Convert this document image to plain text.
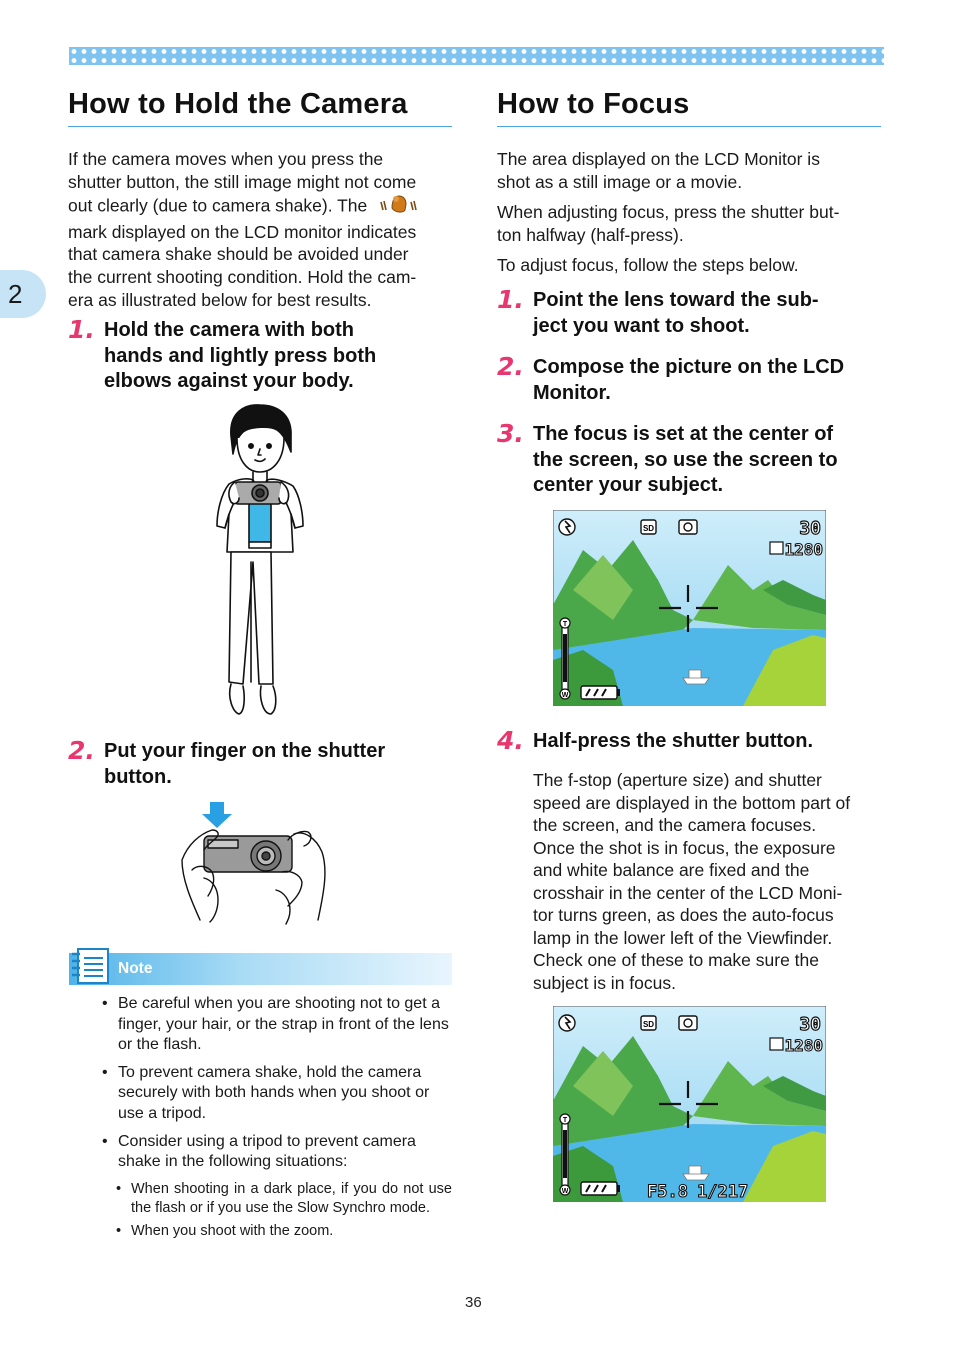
2
How to Hold the Camera

If the camera moves when you press the
shutter button, the still image might not come
out clearly (due to camera shake). The
mark displayed on the LCD monitor indicates
that camera shake should be avoided under
the current shooting condition. Hold the cam-
era as illustrated below for best results.

1. Hold the camera with both
hands and lightly press both
elbows against your body.

2. Put your finger on the shutter
button.

Note
• Be careful when you are shooting not to get a finger, your hair, or the strap in front of the lens or the flash.
• To prevent camera shake, hold the camera securely with both hands when you shoot or use a tripod.
• Consider using a tripod to prevent camera shake in the following situations:
• When shooting in a dark place, if you do not use the flash or if you use the Slow Synchro mode.
• When you shoot with the zoom.
How to Focus

The area displayed on the LCD Monitor is
shot as a still image or a movie.

When adjusting focus, press the shutter but-
ton halfway (half-press).

To adjust focus, follow the steps below.

1. Point the lens toward the sub-
ject you want to shoot.

2. Compose the picture on the LCD
Monitor.

3. The focus is set at the center of
the screen, so use the screen to
center your subject.

SD	30
1280
T
W
4. Half-press the shutter button.

The f-stop (aperture size) and shutter
speed are displayed in the bottom part of
the screen, and the camera focuses.
Once the shot is in focus, the exposure
and white balance are fixed and the
crosshair in the center of the LCD Moni-
tor turns green, as does the auto-focus
lamp in the lower left of the Viewfinder.
Check one of these to make sure the
subject is in focus.

SD	30
1280
T
W	F5.8 1/217
36
